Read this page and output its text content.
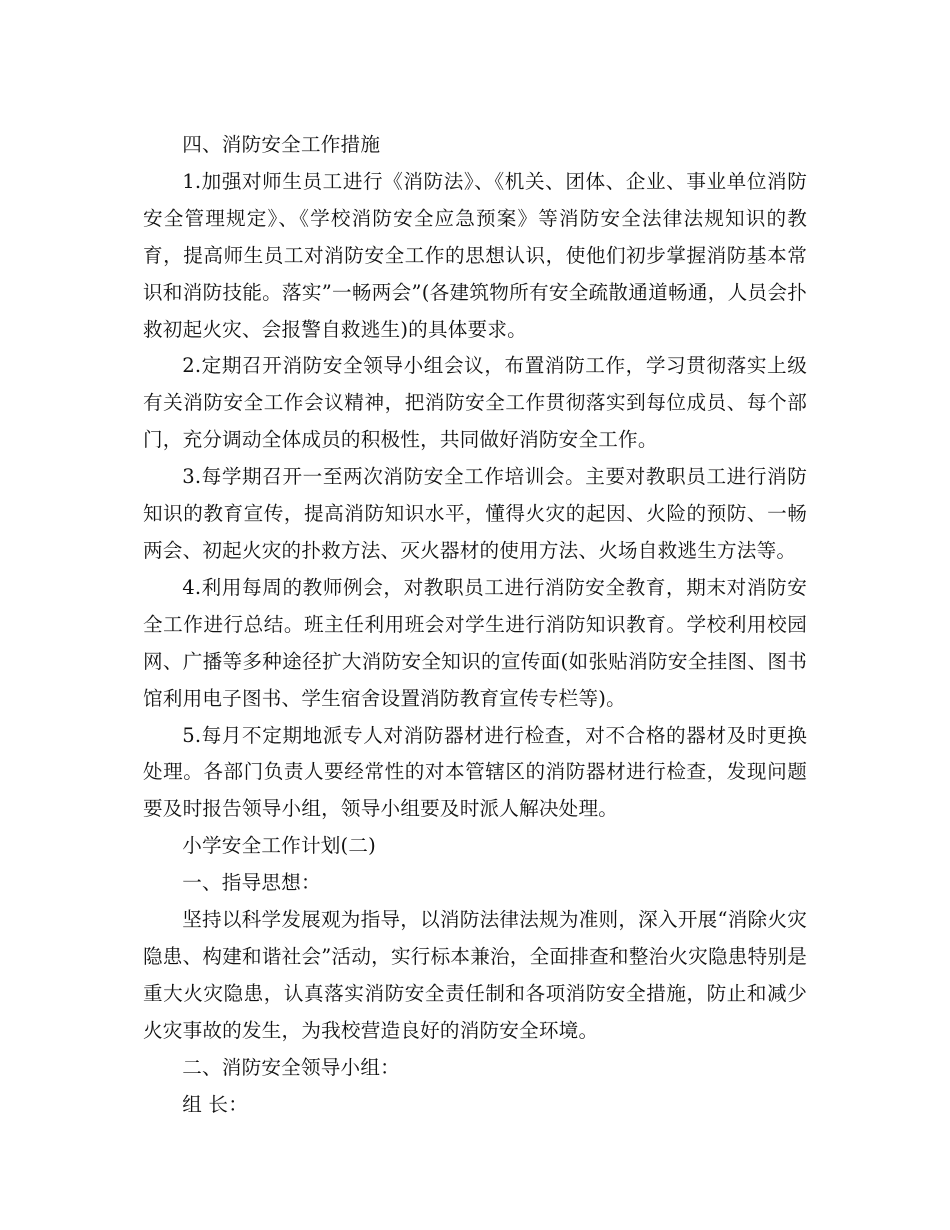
四、消防安全工作措施

1.加强对师生员工进行《消防法》、《机关、团体、企业、事业单位消防安全管理规定》、《学校消防安全应急预案》等消防安全法律法规知识的教育，提高师生员工对消防安全工作的思想认识，使他们初步掌握消防基本常识和消防技能。落实”一畅两会”(各建筑物所有安全疏散通道畅通，人员会扑救初起火灾、会报警自救逃生)的具体要求。

2.定期召开消防安全领导小组会议，布置消防工作，学习贯彻落实上级有关消防安全工作会议精神，把消防安全工作贯彻落实到每位成员、每个部门，充分调动全体成员的积极性，共同做好消防安全工作。

3.每学期召开一至两次消防安全工作培训会。主要对教职员工进行消防知识的教育宣传，提高消防知识水平，懂得火灾的起因、火险的预防、一畅两会、初起火灾的扑救方法、灭火器材的使用方法、火场自救逃生方法等。

4.利用每周的教师例会，对教职员工进行消防安全教育，期末对消防安全工作进行总结。班主任利用班会对学生进行消防知识教育。学校利用校园网、广播等多种途径扩大消防安全知识的宣传面(如张贴消防安全挂图、图书馆利用电子图书、学生宿舍设置消防教育宣传专栏等)。

5.每月不定期地派专人对消防器材进行检查，对不合格的器材及时更换处理。各部门负责人要经常性的对本管辖区的消防器材进行检查，发现问题要及时报告领导小组，领导小组要及时派人解决处理。

小学安全工作计划(二)

一、指导思想：

坚持以科学发展观为指导，以消防法律法规为准则，深入开展“消除火灾隐患、构建和谐社会”活动，实行标本兼治，全面排查和整治火灾隐患特别是重大火灾隐患，认真落实消防安全责任制和各项消防安全措施，防止和减少火灾事故的发生，为我校营造良好的消防安全环境。

二、消防安全领导小组：

组 长：
